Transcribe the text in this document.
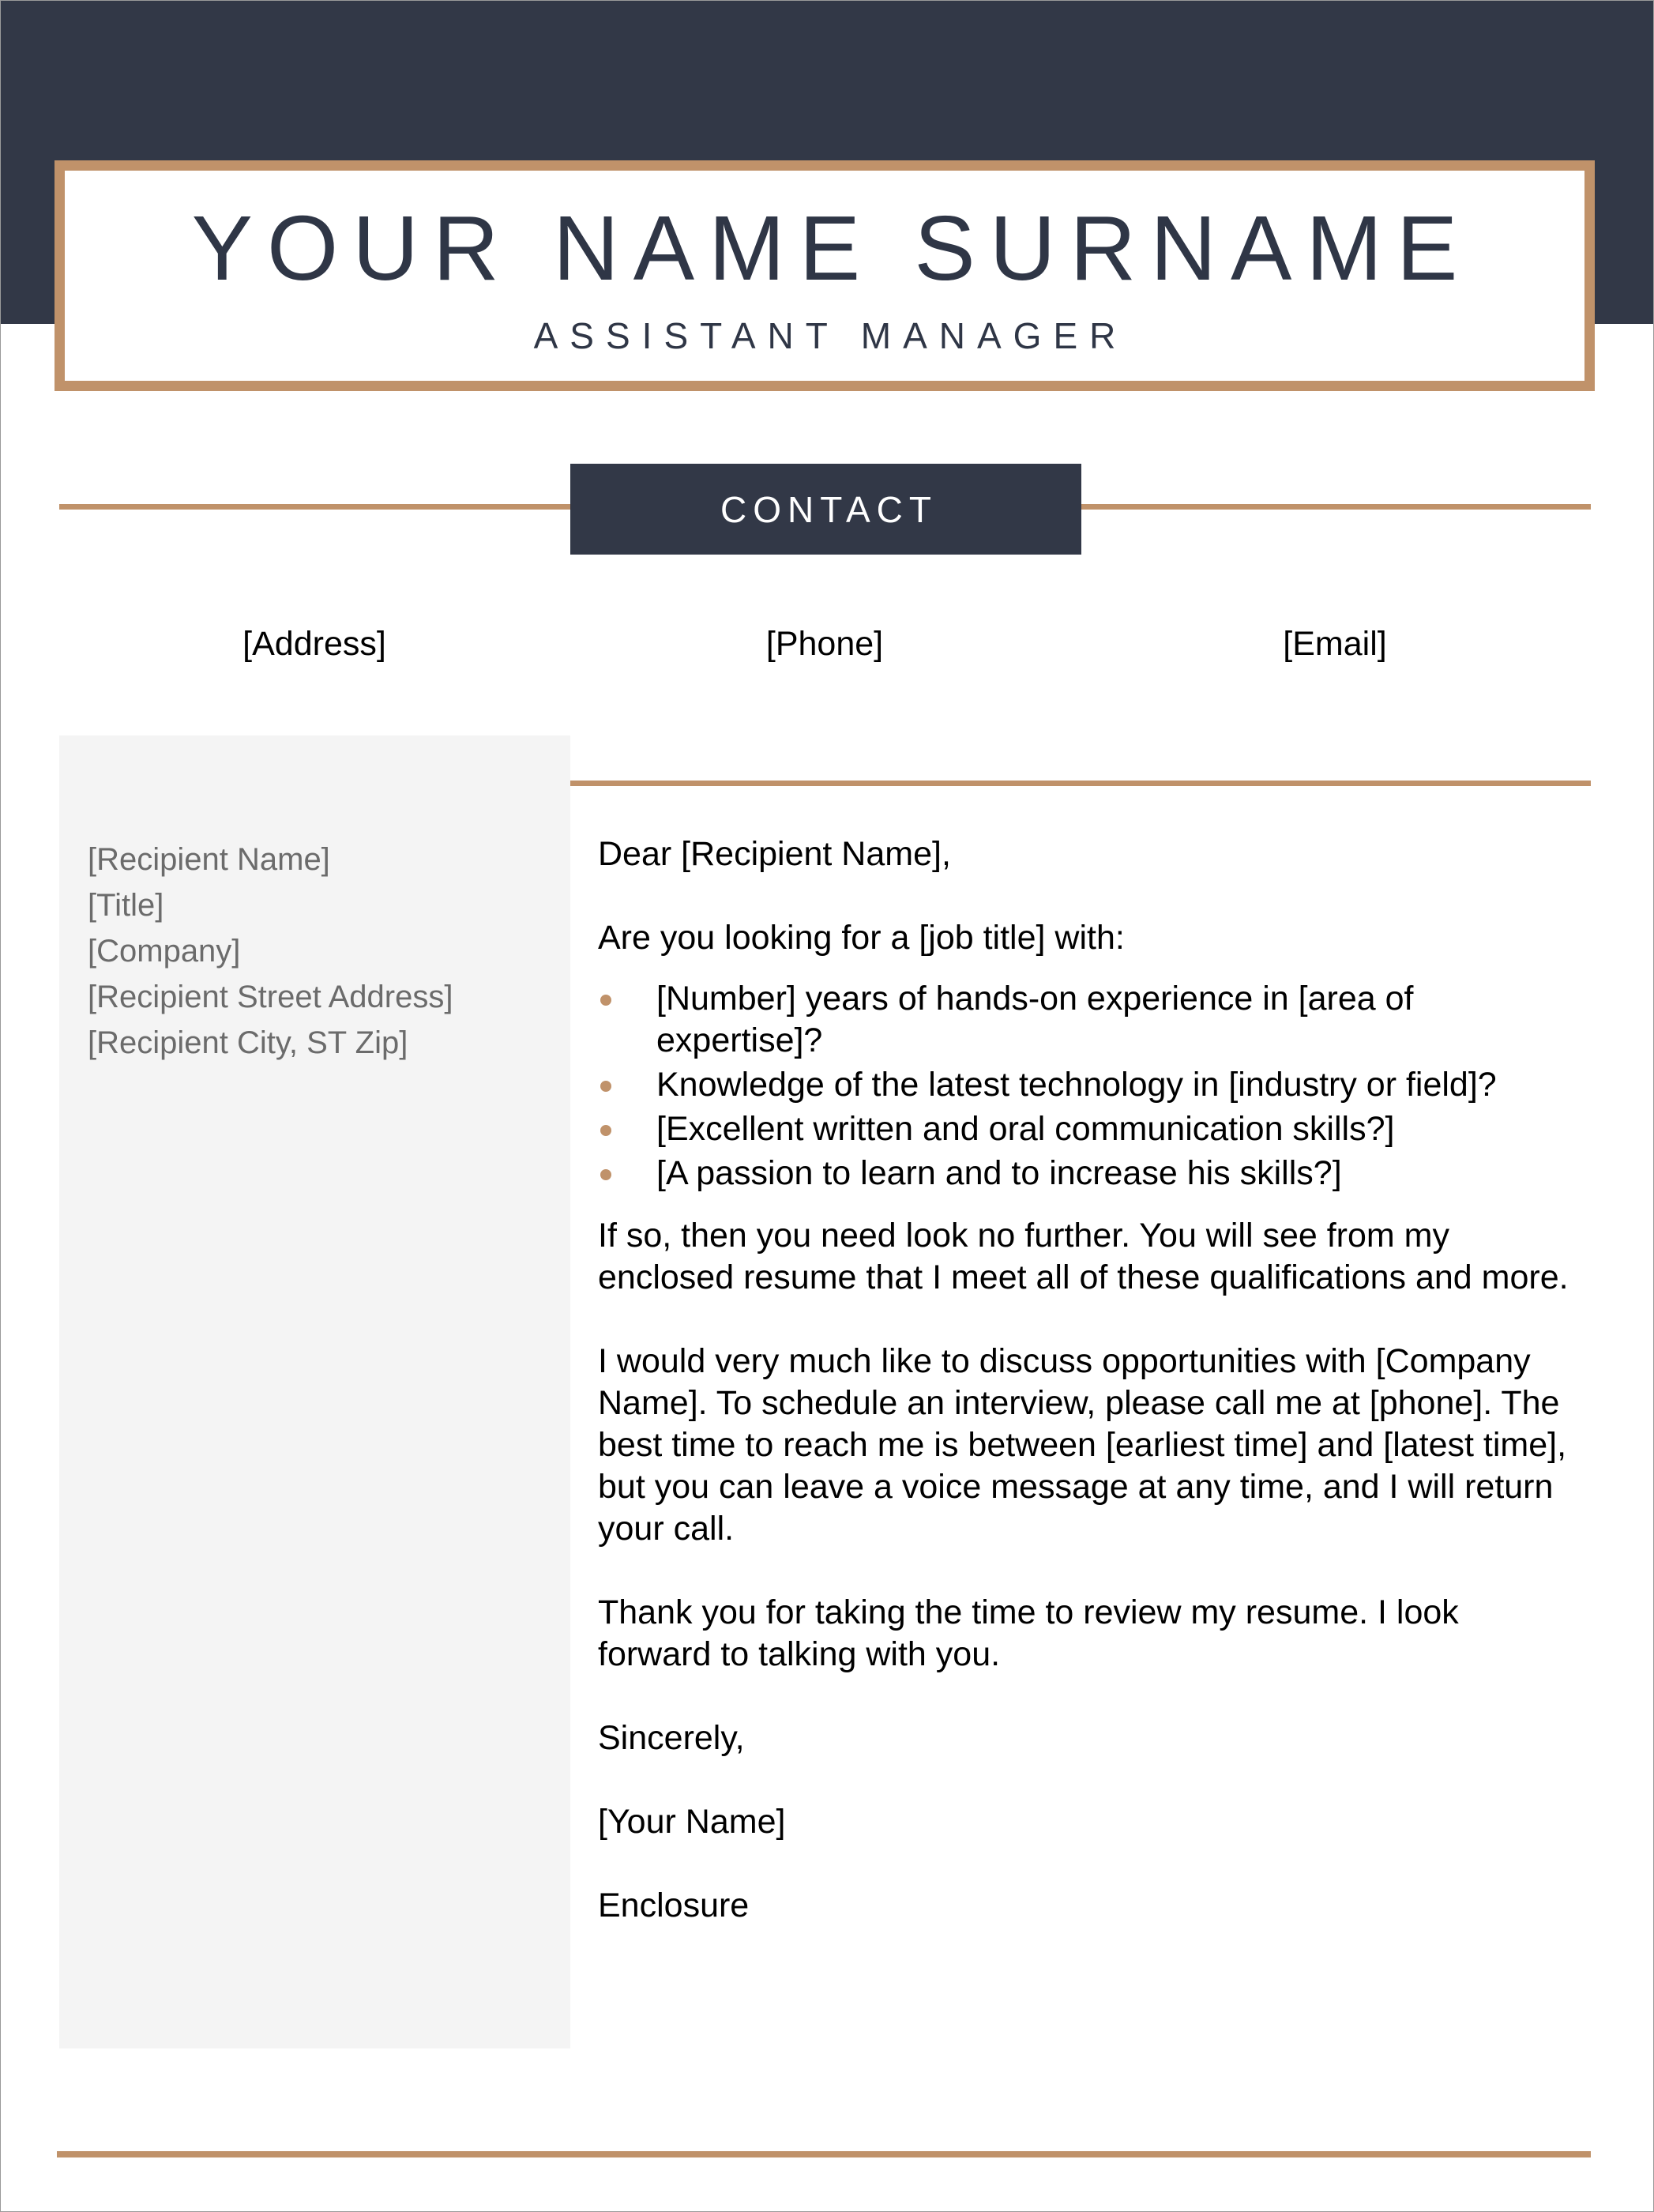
YOUR NAME SURNAME
ASSISTANT MANAGER
CONTACT
[Address]	[Phone]	[Email]
[Recipient Name]
[Title]
[Company]
[Recipient Street Address]
[Recipient City, ST Zip]

Dear [Recipient Name],

Are you looking for a [job title] with:

[Number] years of hands-on experience in [area of expertise]?
Knowledge of the latest technology in [industry or field]?
[Excellent written and oral communication skills?]
[A passion to learn and to increase his skills?]

If so, then you need look no further. You will see from my enclosed resume that I meet all of these qualifications and more.

I would very much like to discuss opportunities with [Company Name]. To schedule an interview, please call me at [phone]. The best time to reach me is between [earliest time] and [latest time], but you can leave a voice message at any time, and I will return your call.

Thank you for taking the time to review my resume. I look forward to talking with you.

Sincerely,

[Your Name]

Enclosure
